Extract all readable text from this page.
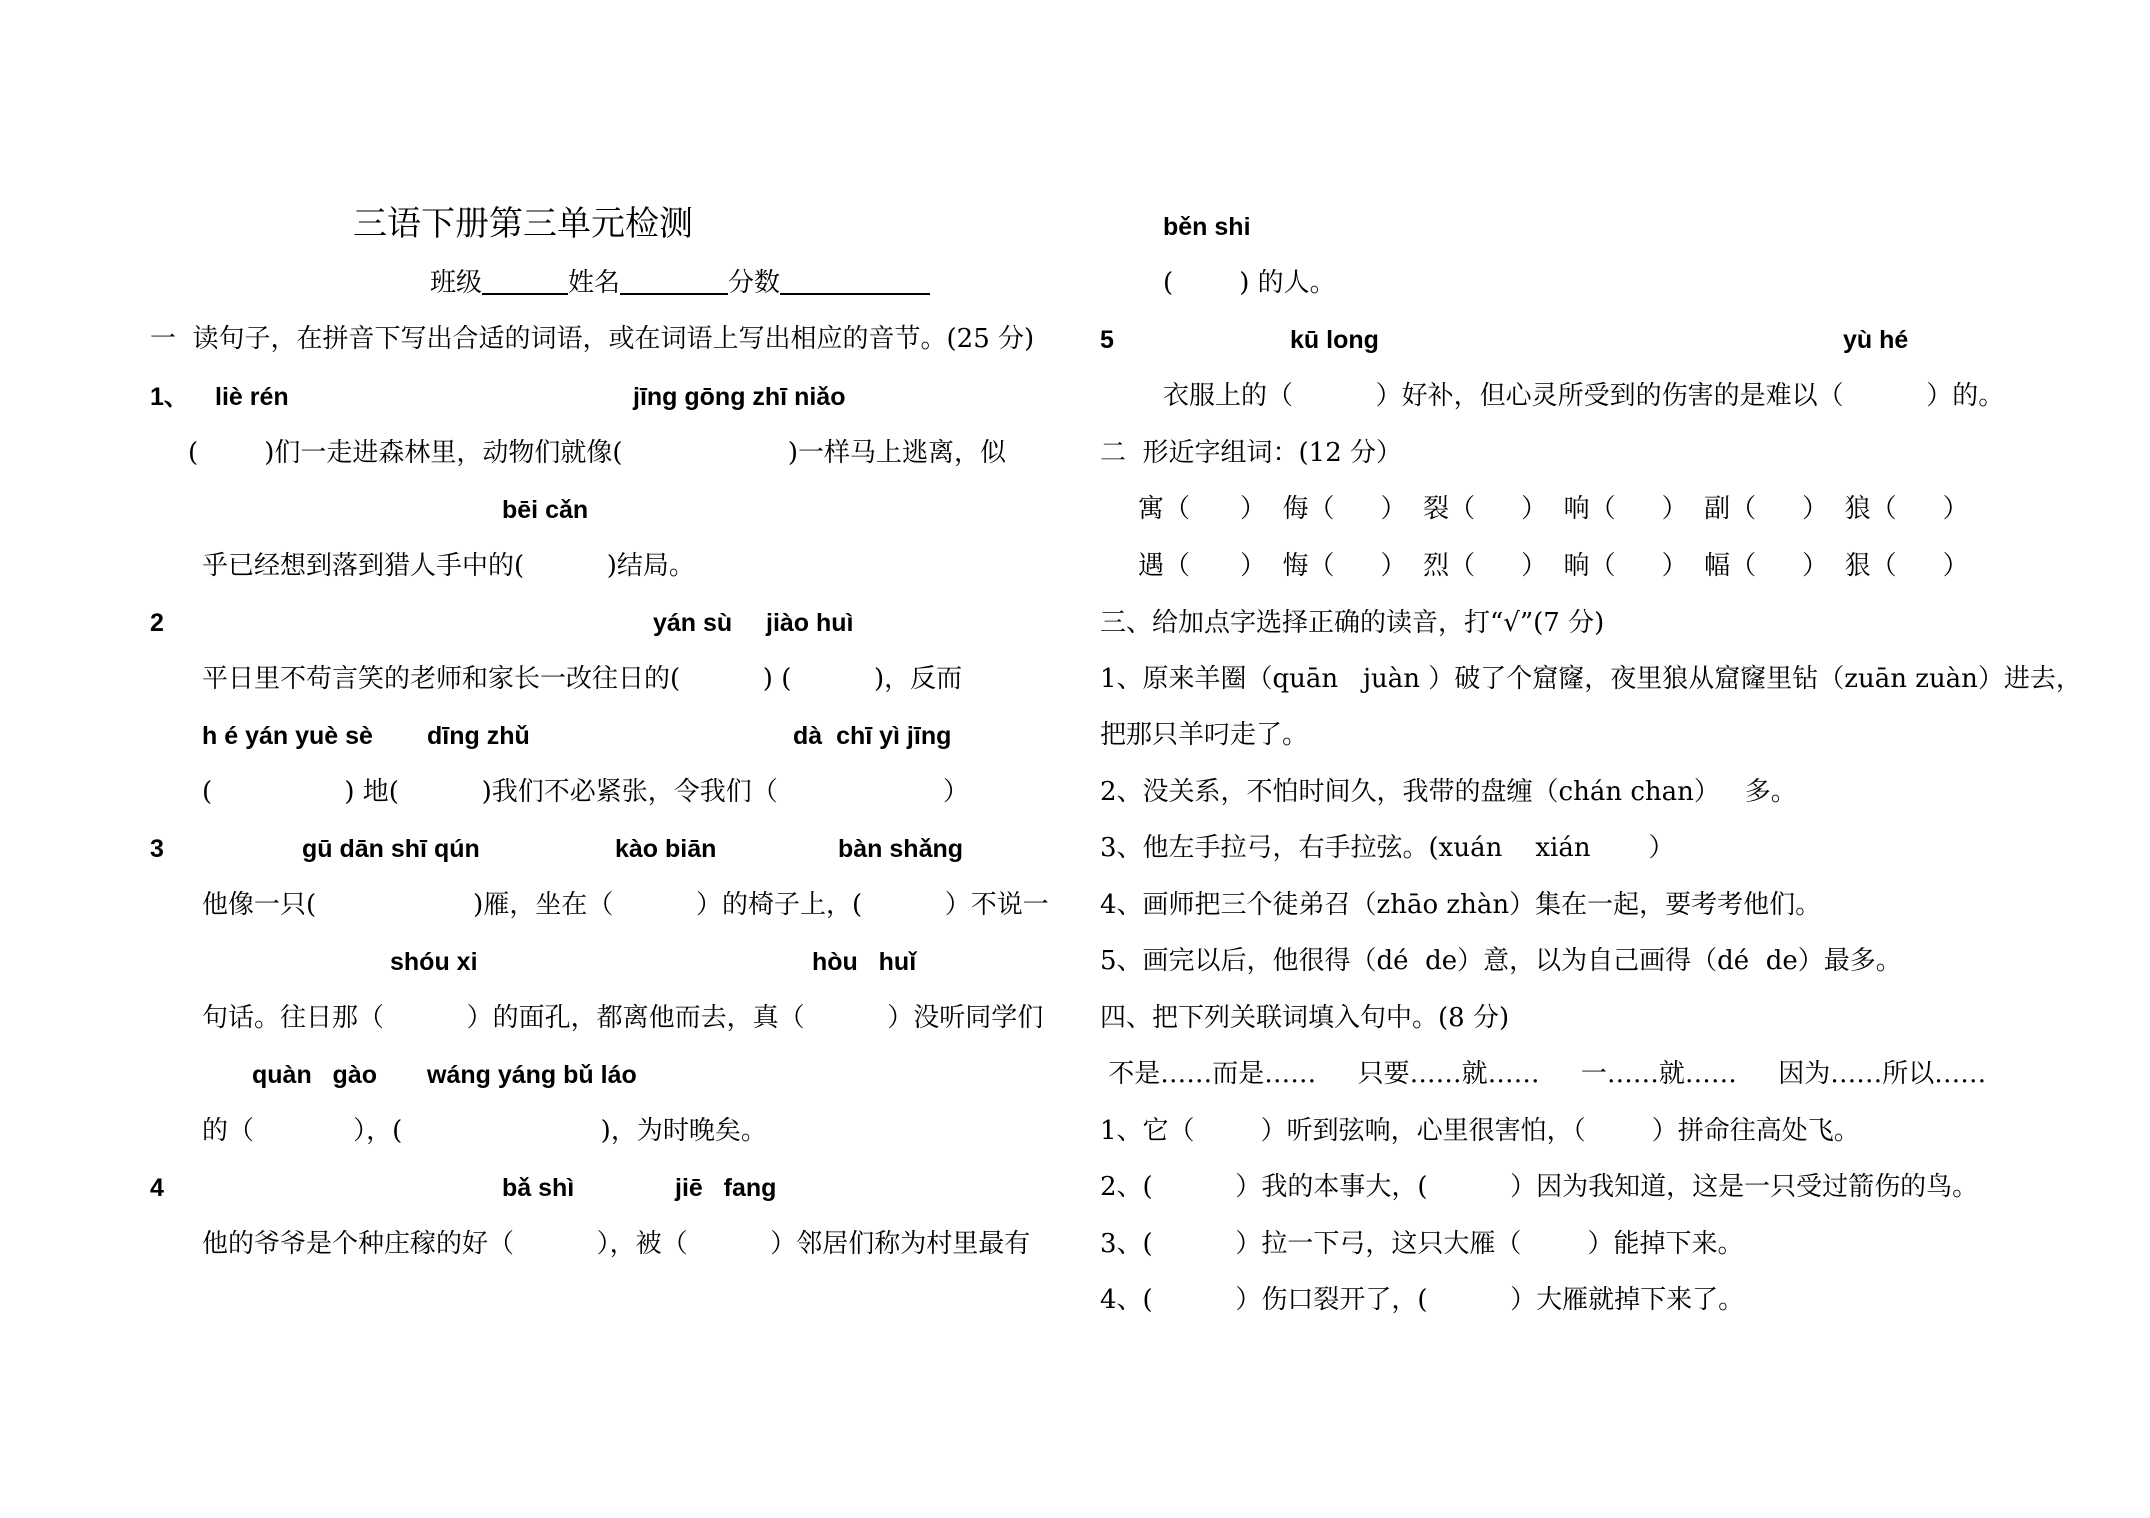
三语下册第三单元检测
班级	姓名	分数
一  读句子，在拼音下写出合适的词语，或在词语上写出相应的音节。(25 分)
1、 liè rén	jīng gōng zhī niǎo
(        )们一走进森林里，动物们就像(                    )一样马上逃离，似
bēi cǎn
乎已经想到落到猎人手中的(          )结局。
2	yán sù jiào huì
平日里不苟言笑的老师和家长一改往日的(          ) (          )，反而
h é yán yuè sè dīng zhǔ	dà  chī yì jīng
(                ) 地(          )我们不必紧张，令我们（                    ）
3	gū dān shī qún	kào biān	bàn shǎng
他像一只(                   )雁，坐在（          ）的椅子上，(          ）不说一
shóu xi	hòu   huǐ
句话。往日那（          ）的面孔，都离他而去，真（          ）没听同学们
quàn   gào wáng yáng bǔ láo
的（            ），(                        )，为时晚矣。
4	bǎ shì	jiē   fang
他的爷爷是个种庄稼的好（          ），被（          ）邻居们称为村里最有
běn shi
(        ) 的人。
5	kū long	yù hé
衣服上的（          ）好补，但心灵所受到的伤害的是难以（          ）的。
二  形近字组词：(12 分）
寓（ ）  侮（ ）  裂（ ）  响（ ）  副（ ）  狼（ ）
遇（ ）  悔（ ）  烈（ ）  晌（ ）  幅（ ）  狠（ ）
三、给加点字选择正确的读音，打“√”(7 分)
1、原来羊圈（quān   juàn ）破了个窟窿，夜里狼从窟窿里钻（zuān zuàn）进去，
把那只羊叼走了。
2、没关系，不怕时间久，我带的盘缠（chán chan）   多。
3、他左手拉弓，右手拉弦。(xuán    xián       ）
4、画师把三个徒弟召（zhāo zhàn）集在一起，要考考他们。
5、画完以后，他很得（dé  de）意，以为自己画得（dé  de）最多。
四、把下列关联词填入句中。(8 分)
不是……而是……     只要……就……     一……就……     因为……所以……
1、它（        ）听到弦响，心里很害怕，（        ）拼命往高处飞。
2、(          ）我的本事大，(          ）因为我知道，这是一只受过箭伤的鸟。
3、(          ）拉一下弓，这只大雁（        ）能掉下来。
4、(          ）伤口裂开了，(          ）大雁就掉下来了。
